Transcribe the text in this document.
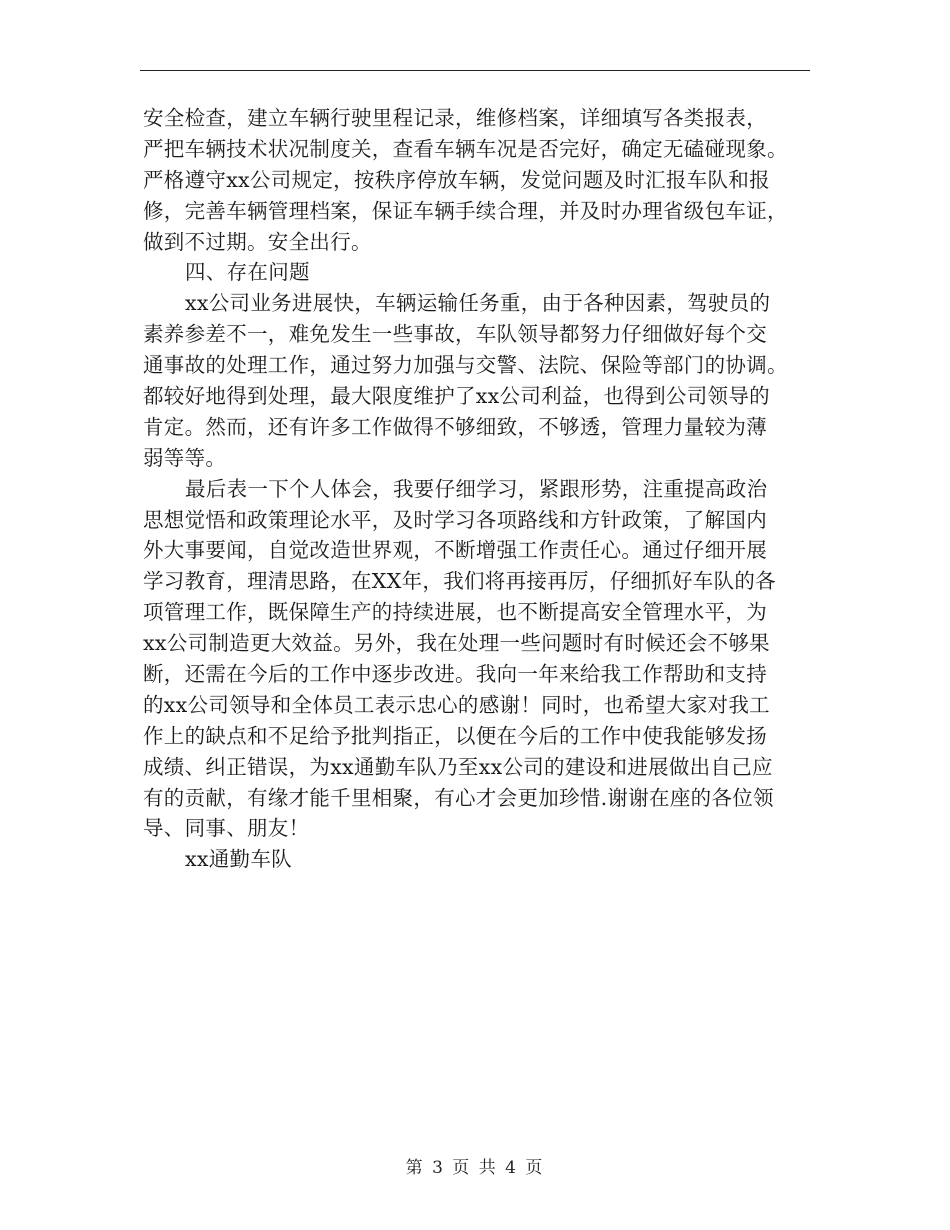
安全检查，建立车辆行驶里程记录，维修档案，详细填写各类报表，
严把车辆技术状况制度关，查看车辆车况是否完好，确定无磕碰现象。
严格遵守xx公司规定，按秩序停放车辆，发觉问题及时汇报车队和报
修，完善车辆管理档案，保证车辆手续合理，并及时办理省级包车证，
做到不过期。安全出行。
四、存在问题
xx公司业务进展快，车辆运输任务重，由于各种因素，驾驶员的
素养参差不一，难免发生一些事故，车队领导都努力仔细做好每个交
通事故的处理工作，通过努力加强与交警、法院、保险等部门的协调。
都较好地得到处理，最大限度维护了xx公司利益，也得到公司领导的
肯定。然而，还有许多工作做得不够细致，不够透，管理力量较为薄
弱等等。
最后表一下个人体会，我要仔细学习，紧跟形势，注重提高政治
思想觉悟和政策理论水平，及时学习各项路线和方针政策，了解国内
外大事要闻，自觉改造世界观，不断增强工作责任心。通过仔细开展
学习教育，理清思路，在XX年，我们将再接再厉，仔细抓好车队的各
项管理工作，既保障生产的持续进展，也不断提高安全管理水平，为
xx公司制造更大效益。另外，我在处理一些问题时有时候还会不够果
断，还需在今后的工作中逐步改进。我向一年来给我工作帮助和支持
的xx公司领导和全体员工表示忠心的感谢！同时，也希望大家对我工
作上的缺点和不足给予批判指正，以便在今后的工作中使我能够发扬
成绩、纠正错误，为xx通勤车队乃至xx公司的建设和进展做出自己应
有的贡献，有缘才能千里相聚，有心才会更加珍惜.谢谢在座的各位领
导、同事、朋友！
xx通勤车队
第 3 页 共 4 页
